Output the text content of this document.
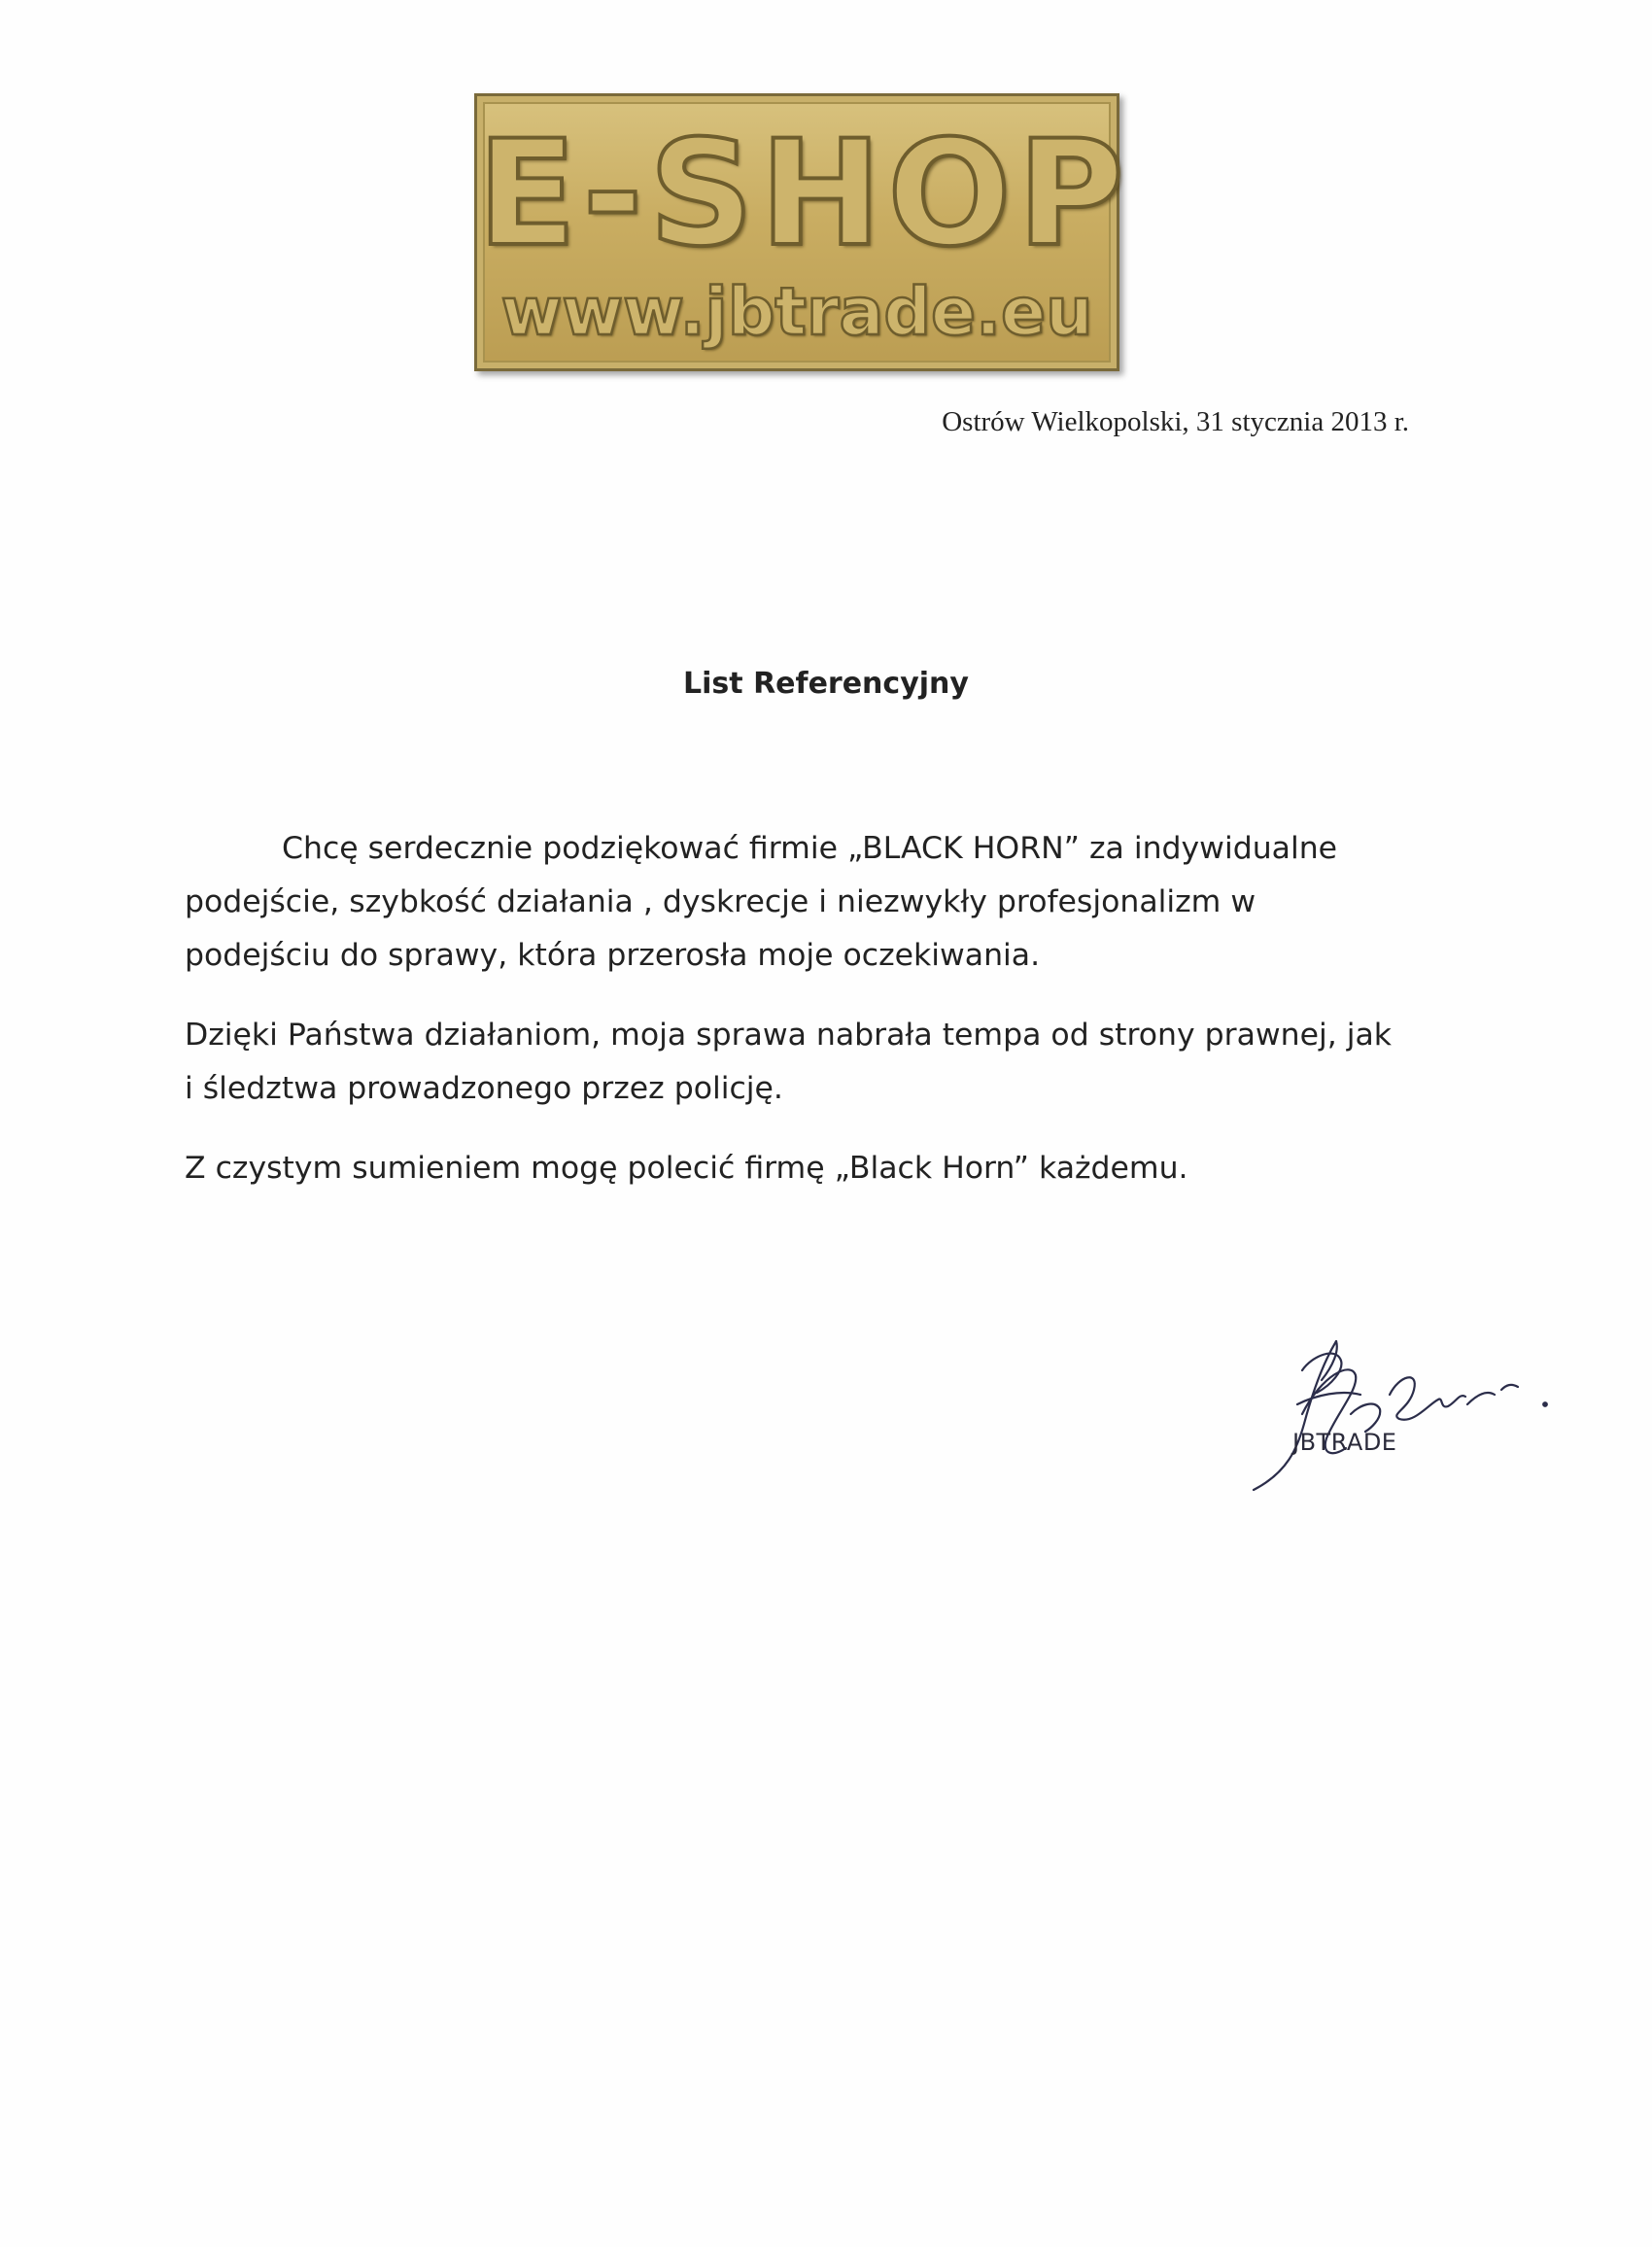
E-SHOP
www.jbtrade.eu
Ostrów Wielkopolski, 31 stycznia 2013 r.
List Referencyjny

Chcę serdecznie podziękować firmie „BLACK HORN” za indywidualne podejście, szybkość działania , dyskrecje i niezwykły profesjonalizm w podejściu do sprawy, która przerosła moje oczekiwania.

Dzięki Państwa działaniom, moja sprawa nabrała tempa od strony prawnej, jak i śledztwa prowadzonego przez policję.

Z czystym sumieniem mogę polecić firmę „Black Horn” każdemu.

JBTRADE
